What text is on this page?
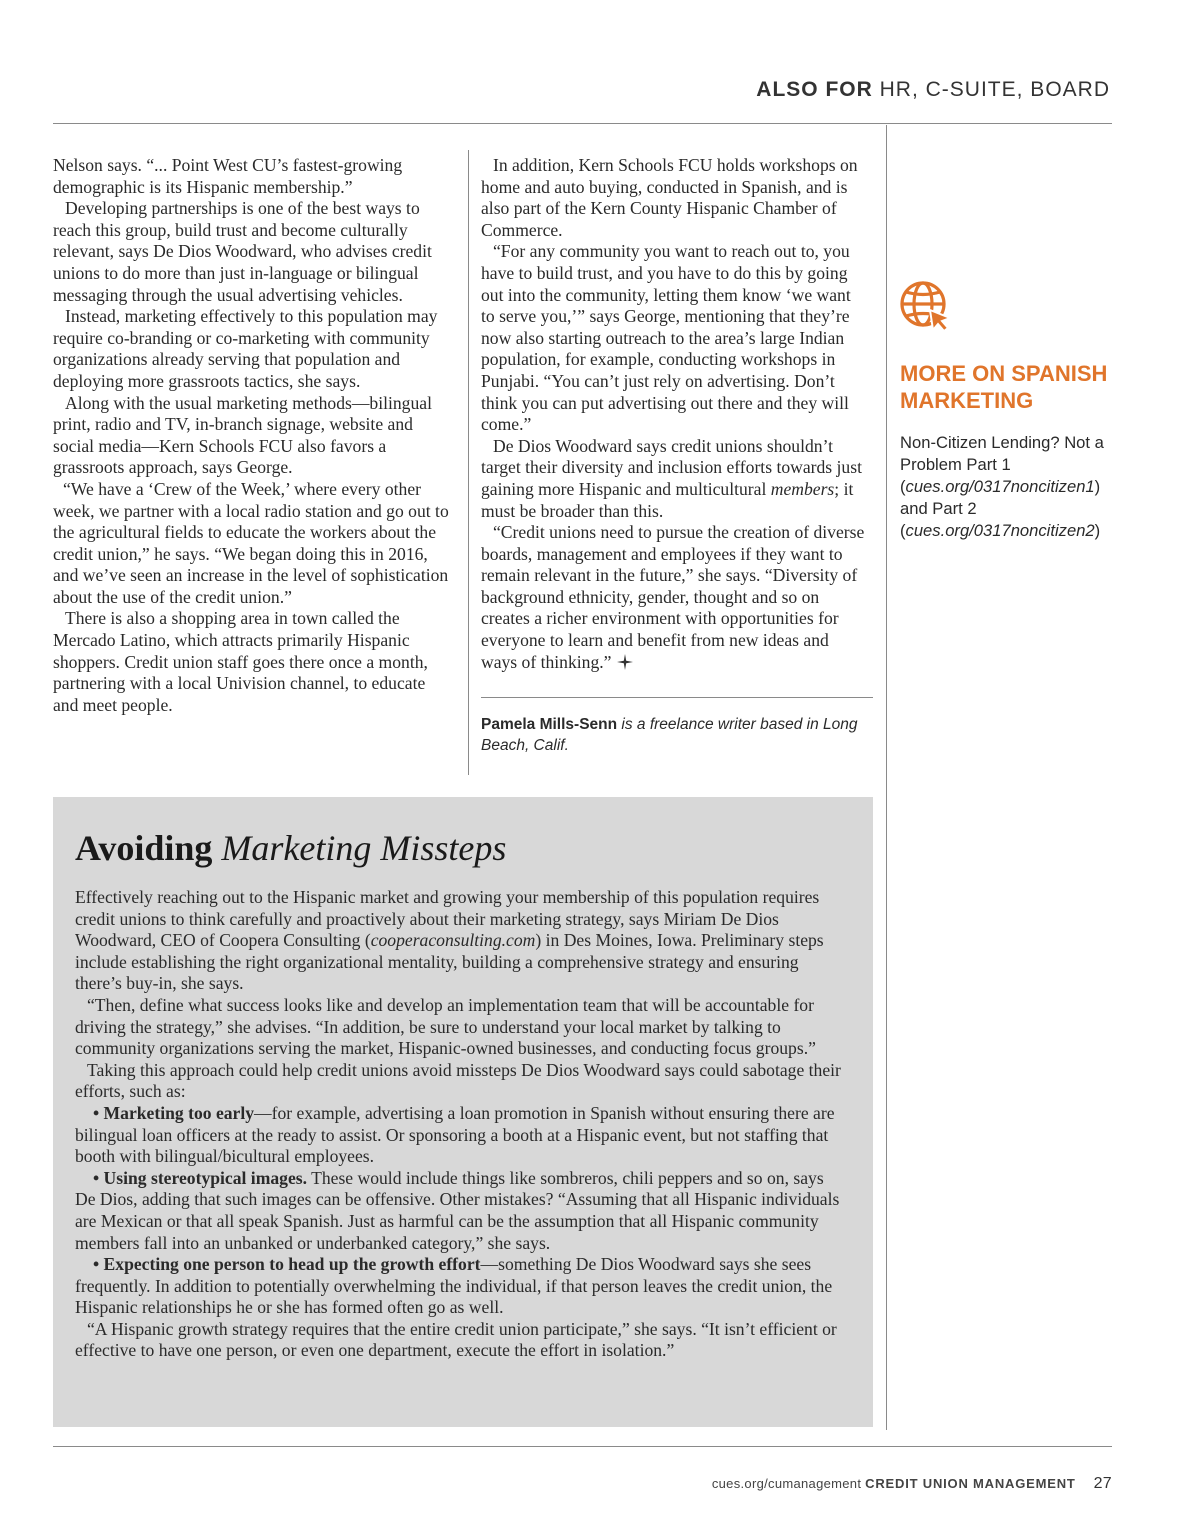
ALSO FOR HR, C-SUITE, BOARD

Nelson says. “... Point West CU’s fastest-growing demographic is its Hispanic membership.”

Developing partnerships is one of the best ways to reach this group, build trust and become culturally relevant, says De Dios Woodward, who advises credit unions to do more than just in-language or bilingual messaging through the usual advertising vehicles.

Instead, marketing effectively to this population may require co-branding or co-marketing with community organizations already serving that population and deploying more grassroots tactics, she says.

Along with the usual marketing methods—bilingual print, radio and TV, in-branch signage, website and social media—Kern Schools FCU also favors a grassroots approach, says George.

“We have a ‘Crew of the Week,’ where every other week, we partner with a local radio station and go out to the agricultural fields to educate the workers about the credit union,” he says. “We began doing this in 2016, and we’ve seen an increase in the level of sophistication about the use of the credit union.”

There is also a shopping area in town called the Mercado Latino, which attracts primarily Hispanic shoppers. Credit union staff goes there once a month, partnering with a local Univision channel, to educate and meet people.

In addition, Kern Schools FCU holds workshops on home and auto buying, conducted in Spanish, and is also part of the Kern County Hispanic Chamber of Commerce.

“For any community you want to reach out to, you have to build trust, and you have to do this by going out into the community, letting them know ‘we want to serve you,’” says George, mentioning that they’re now also starting outreach to the area’s large Indian population, for example, conducting workshops in Punjabi. “You can’t just rely on advertising. Don’t think you can put advertising out there and they will come.”

De Dios Woodward says credit unions shouldn’t target their diversity and inclusion efforts towards just gaining more Hispanic and multicultural members; it must be broader than this.

“Credit unions need to pursue the creation of diverse boards, management and employees if they want to remain relevant in the future,” she says. “Diversity of background ethnicity, gender, thought and so on creates a richer environment with opportunities for everyone to learn and benefit from new ideas and ways of thinking.”

Pamela Mills-Senn is a freelance writer based in Long Beach, Calif.
MORE ON SPANISH
MARKETING
Non-Citizen Lending? Not a Problem Part 1
(cues.org/0317noncitizen1)
and Part 2
(cues.org/0317noncitizen2)
Avoiding Marketing Missteps

Effectively reaching out to the Hispanic market and growing your membership of this population requires credit unions to think carefully and proactively about their marketing strategy, says Miriam De Dios Woodward, CEO of Coopera Consulting (cooperaconsulting.com) in Des Moines, Iowa. Preliminary steps include establishing the right organizational mentality, building a comprehensive strategy and ensuring there’s buy-in, she says.

“Then, define what success looks like and develop an implementation team that will be accountable for driving the strategy,” she advises. “In addition, be sure to understand your local market by talking to community organizations serving the market, Hispanic-owned businesses, and conducting focus groups.”

Taking this approach could help credit unions avoid missteps De Dios Woodward says could sabotage their efforts, such as:

• Marketing too early—for example, advertising a loan promotion in Spanish without ensuring there are bilingual loan officers at the ready to assist. Or sponsoring a booth at a Hispanic event, but not staffing that booth with bilingual/bicultural employees.

• Using stereotypical images. These would include things like sombreros, chili peppers and so on, says De Dios, adding that such images can be offensive. Other mistakes? “Assuming that all Hispanic individuals are Mexican or that all speak Spanish. Just as harmful can be the assumption that all Hispanic community members fall into an unbanked or underbanked category,” she says.

• Expecting one person to head up the growth effort—something De Dios Woodward says she sees frequently. In addition to potentially overwhelming the individual, if that person leaves the credit union, the Hispanic relationships he or she has formed often go as well.

“A Hispanic growth strategy requires that the entire credit union participate,” she says. “It isn’t efficient or effective to have one person, or even one department, execute the effort in isolation.”

cues.org/cumanagement CREDIT UNION MANAGEMENT 27
